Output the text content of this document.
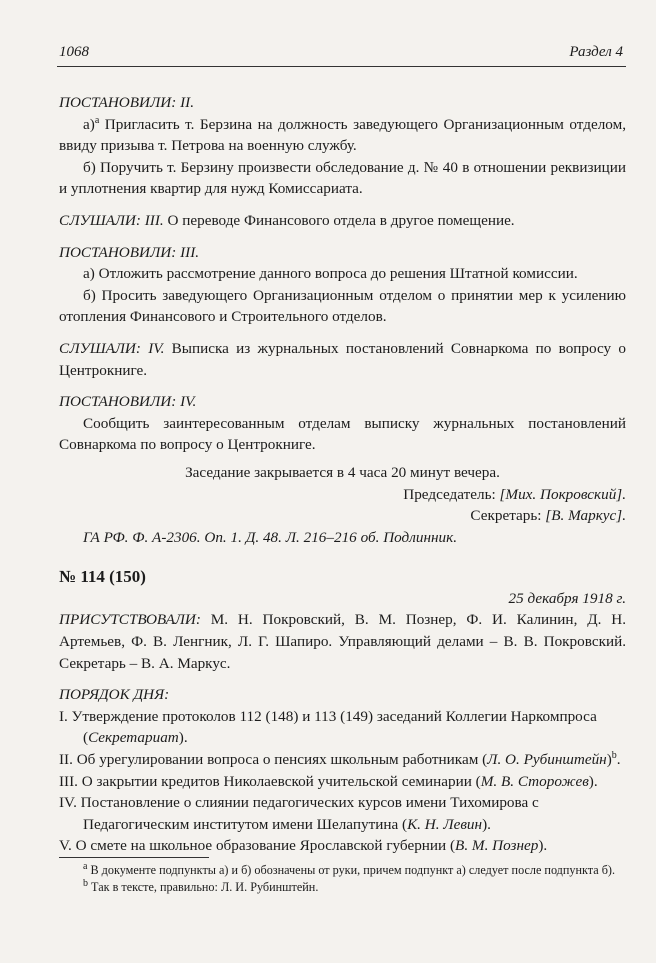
1068	Раздел 4

ПОСТАНОВИЛИ: II.

а)$^а$ Пригласить т. Берзина на должность заведующего Организационным отделом, ввиду призыва т. Петрова на военную службу.

б) Поручить т. Берзину произвести обследование д. № 40 в отношении реквизиции и уплотнения квартир для нужд Комиссариата.

СЛУШАЛИ: III. О переводе Финансового отдела в другое помещение.

ПОСТАНОВИЛИ: III.

а) Отложить рассмотрение данного вопроса до решения Штатной комиссии.

б) Просить заведующего Организационным отделом о принятии мер к усилению отопления Финансового и Строительного отделов.

СЛУШАЛИ: IV. Выписка из журнальных постановлений Совнаркома по вопросу о Центрокниге.

ПОСТАНОВИЛИ: IV.

Сообщить заинтересованным отделам выписку журнальных постановлений Совнаркома по вопросу о Центрокниге.

Заседание закрывается в 4 часа 20 минут вечера.

Председатель: [Мих. Покровский].

Секретарь: [В. Маркус].

ГА РФ. Ф. А-2306. Оп. 1. Д. 48. Л. 216–216 об. Подлинник.

№ 114 (150)

25 декабря 1918 г.

ПРИСУТСТВОВАЛИ: М. Н. Покровский, В. М. Познер, Ф. И. Калинин, Д. Н. Артемьев, Ф. В. Ленгник, Л. Г. Шапиро. Управляющий делами – В. В. Покровский. Секретарь – В. А. Маркус.

ПОРЯДОК ДНЯ:

I. Утверждение протоколов 112 (148) и 113 (149) заседаний Коллегии Наркомпроса (Секретариат).

II. Об урегулировании вопроса о пенсиях школьным работникам (Л. О. Рубинштейн)$^b$.

III. О закрытии кредитов Николаевской учительской семинарии (М. В. Сторожев).

IV. Постановление о слиянии педагогических курсов имени Тихомирова с Педагогическим институтом имени Шелапутина (К. Н. Левин).

V. О смете на школьное образование Ярославской губернии (В. М. Познер).

$^a$ В документе подпункты а) и б) обозначены от руки, причем подпункт а) следует после подпункта б).

$^b$ Так в тексте, правильно: Л. И. Рубинштейн.
